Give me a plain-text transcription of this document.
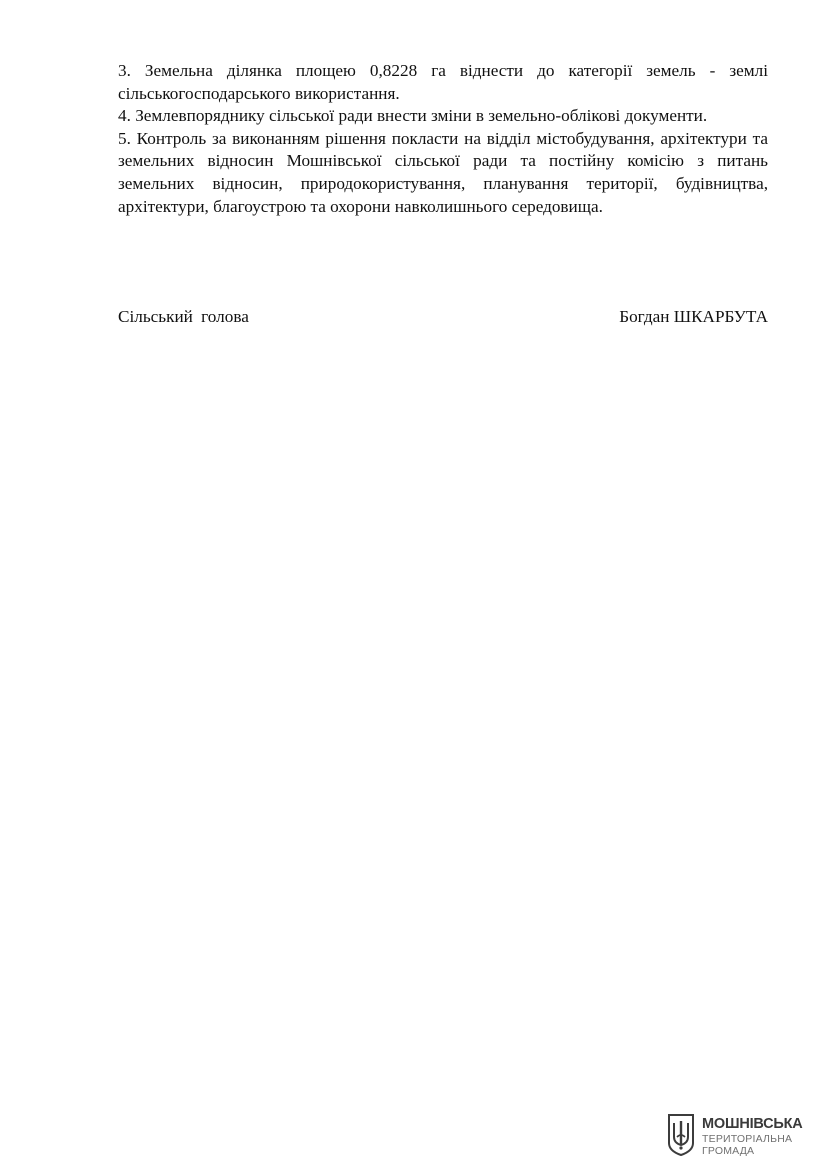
3. Земельна ділянка площею 0,8228 га віднести до категорії земель - землі сільськогосподарського використання.

4. Землевпоряднику сільської ради внести зміни в земельно-облікові документи.

5. Контроль за виконанням рішення покласти на відділ містобудування, архітектури та земельних відносин Мошнівської сільської ради та постійну комісію з питань земельних відносин, природокористування, планування території, будівництва, архітектури, благоустрою та охорони навколишнього середовища.

Сільський голова	Богдан ШКАРБУТА
МОШНІВСЬКА
ТЕРИТОРІАЛЬНА
ГРОМАДА
